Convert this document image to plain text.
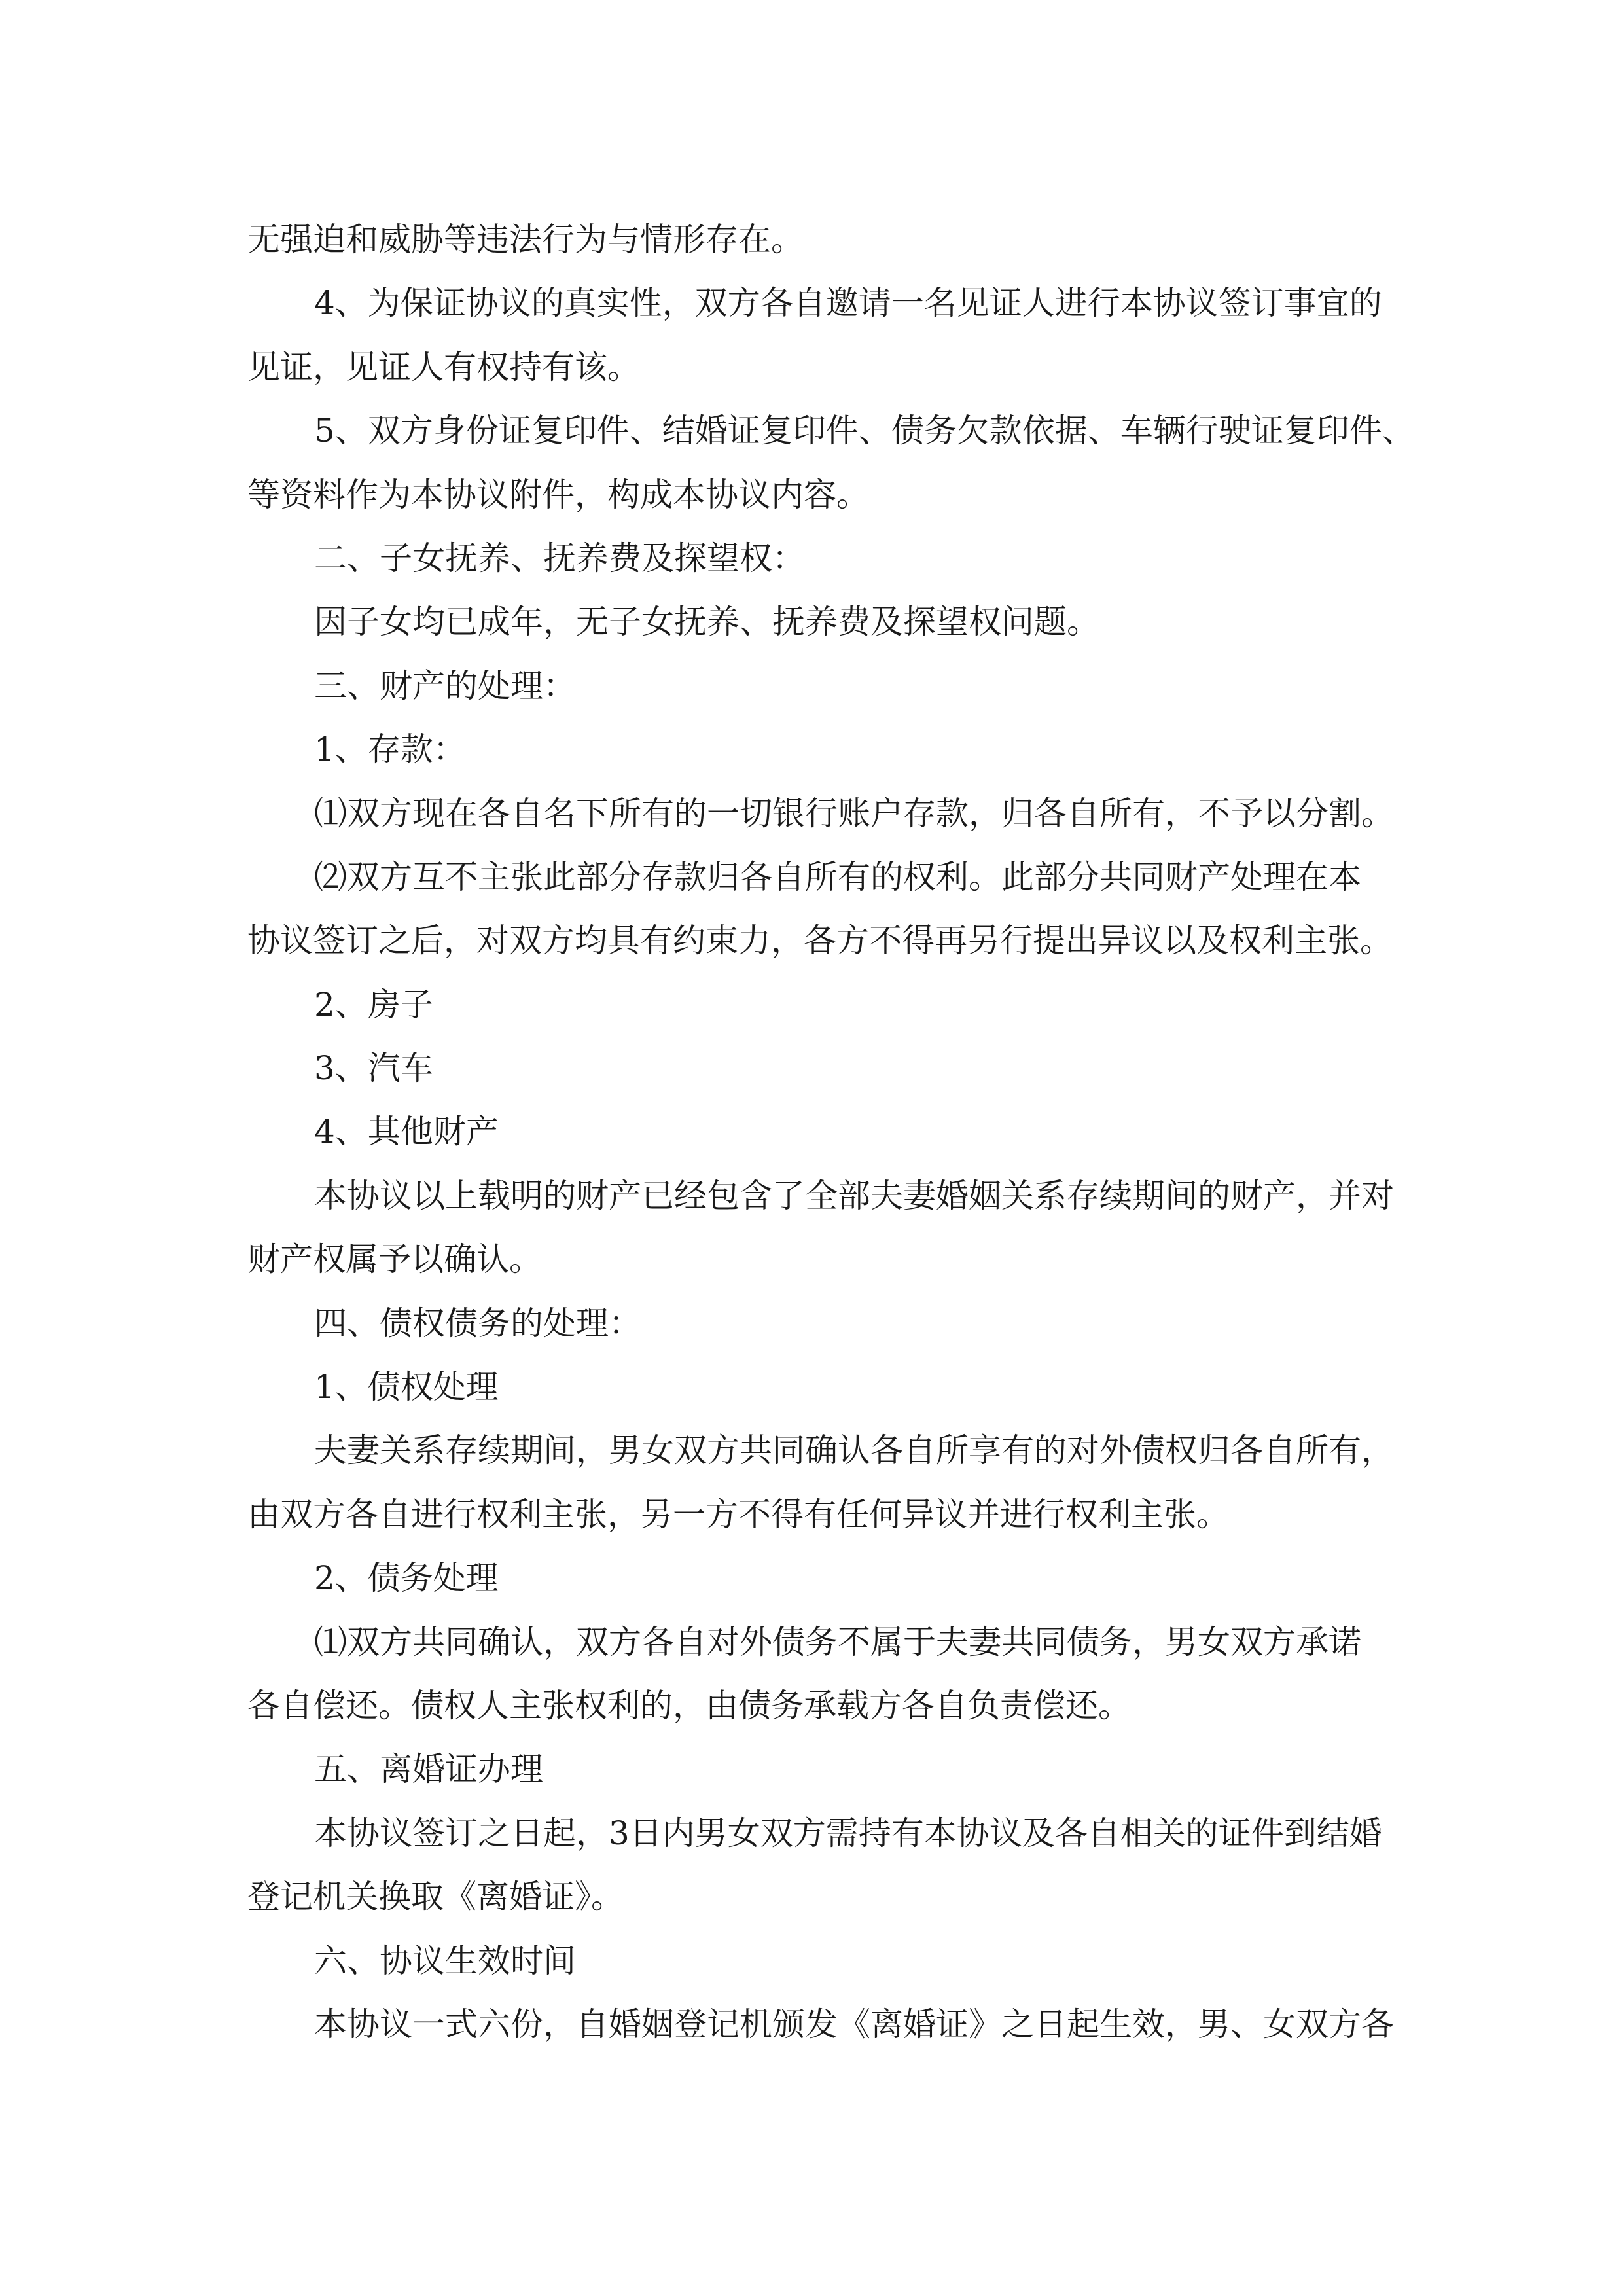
无强迫和威胁等违法行为与情形存在。
4、为保证协议的真实性，双方各自邀请一名见证人进行本协议签订事宜的
见证，见证人有权持有该。
5、双方身份证复印件、结婚证复印件、债务欠款依据、车辆行驶证复印件、
等资料作为本协议附件，构成本协议内容。
二、子女抚养、抚养费及探望权：
因子女均已成年，无子女抚养、抚养费及探望权问题。
三、财产的处理：
1、存款：
⑴双方现在各自名下所有的一切银行账户存款，归各自所有，不予以分割。
⑵双方互不主张此部分存款归各自所有的权利。此部分共同财产处理在本
协议签订之后，对双方均具有约束力，各方不得再另行提出异议以及权利主张。
2、房子
3、汽车
4、其他财产
本协议以上载明的财产已经包含了全部夫妻婚姻关系存续期间的财产，并对
财产权属予以确认。
四、债权债务的处理：
1、债权处理
夫妻关系存续期间，男女双方共同确认各自所享有的对外债权归各自所有，
由双方各自进行权利主张，另一方不得有任何异议并进行权利主张。
2、债务处理
⑴双方共同确认，双方各自对外债务不属于夫妻共同债务，男女双方承诺
各自偿还。债权人主张权利的，由债务承载方各自负责偿还。
五、离婚证办理
本协议签订之日起，3日内男女双方需持有本协议及各自相关的证件到结婚
登记机关换取《离婚证》。
六、协议生效时间
本协议一式六份，自婚姻登记机颁发《离婚证》之日起生效，男、女双方各
